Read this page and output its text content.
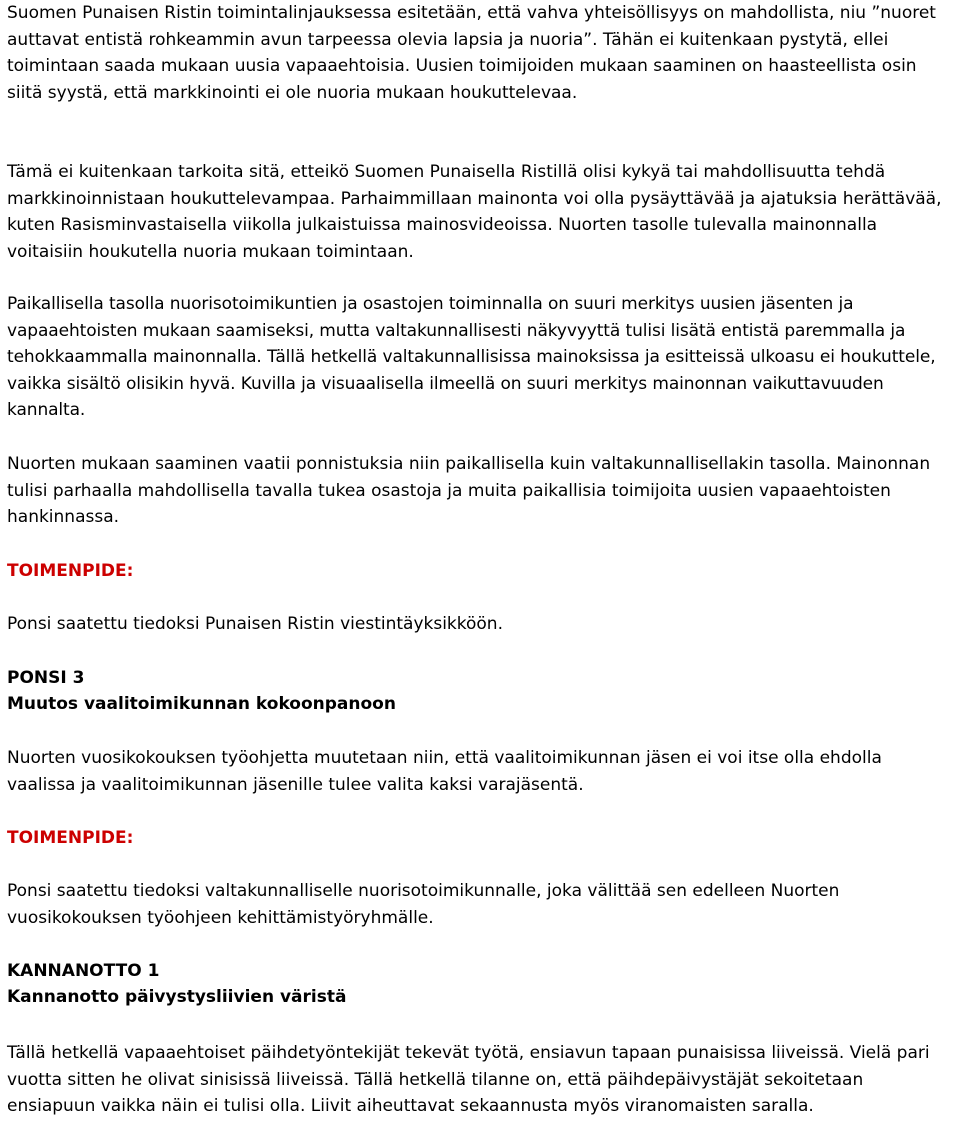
Suomen Punaisen Ristin toimintalinjauksessa esitetään, että vahva yhteisöllisyys on mahdollista, niu ”nuoret auttavat entistä rohkeammin avun tarpeessa olevia lapsia ja nuoria”. Tähän ei kuitenkaan pystytä, ellei toimintaan saada mukaan uusia vapaaehtoisia. Uusien toimijoiden mukaan saaminen on haasteellista osin siitä syystä, että markkinointi ei ole nuoria mukaan houkuttelevaa.

Tämä ei kuitenkaan tarkoita sitä, etteikö Suomen Punaisella Ristillä olisi kykyä tai mahdollisuutta tehdä markkinoinnistaan houkuttelevampaa. Parhaimmillaan mainonta voi olla pysäyttävää ja ajatuksia herättävää, kuten Rasisminvastaisella viikolla julkaistuissa mainosvideoissa. Nuorten tasolle tulevalla mainonnalla voitaisiin houkutella nuoria mukaan toimintaan.

Paikallisella tasolla nuorisotoimikuntien ja osastojen toiminnalla on suuri merkitys uusien jäsenten ja vapaaehtoisten mukaan saamiseksi, mutta valtakunnallisesti näkyvyyttä tulisi lisätä entistä paremmalla ja tehokkaammalla mainonnalla. Tällä hetkellä valtakunnallisissa mainoksissa ja esitteissä ulkoasu ei houkuttele, vaikka sisältö olisikin hyvä. Kuvilla ja visuaalisella ilmeellä on suuri merkitys mainonnan vaikuttavuuden kannalta.

Nuorten mukaan saaminen vaatii ponnistuksia niin paikallisella kuin valtakunnallisellakin tasolla. Mainonnan tulisi parhaalla mahdollisella tavalla tukea osastoja ja muita paikallisia toimijoita uusien vapaaehtoisten hankinnassa.

TOIMENPIDE:

Ponsi saatettu tiedoksi Punaisen Ristin viestintäyksikköön.

PONSI 3

Muutos vaalitoimikunnan kokoonpanoon

Nuorten vuosikokouksen työohjetta muutetaan niin, että vaalitoimikunnan jäsen ei voi itse olla ehdolla vaalissa ja vaalitoimikunnan jäsenille tulee valita kaksi varajäsentä.

TOIMENPIDE:

Ponsi saatettu tiedoksi valtakunnalliselle nuorisotoimikunnalle, joka välittää sen edelleen Nuorten vuosikokouksen työohjeen kehittämistyöryhmälle.

KANNANOTTO 1

Kannanotto päivystysliivien väristä

Tällä hetkellä vapaaehtoiset päihdetyöntekijät tekevät työtä, ensiavun tapaan punaisissa liiveissä. Vielä pari vuotta sitten he olivat sinisissä liiveissä. Tällä hetkellä tilanne on, että päihdepäivystäjät sekoitetaan ensiapuun vaikka näin ei tulisi olla. Liivit aiheuttavat sekaannusta myös viranomaisten saralla.
